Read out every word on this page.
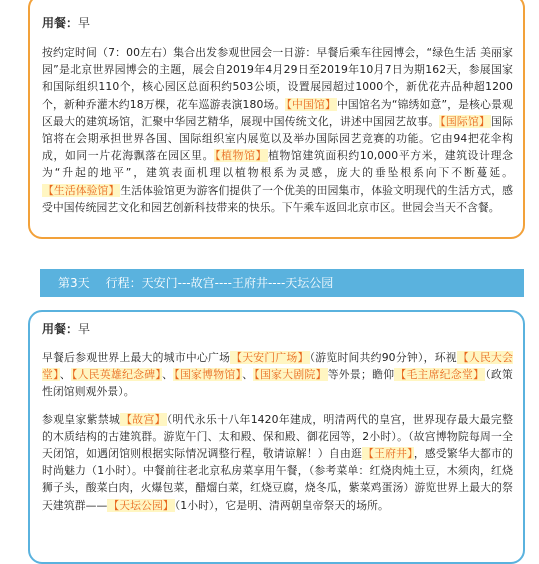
用餐：早

按约定时间（7：00左右）集合出发参观世园会一日游：早餐后乘车往园博会，“绿色生活 美丽家园”是北京世界园博会的主题，展会自2019年4月29日至2019年10月7日为期162天，参展国家和国际组织110个，核心园区总面积约503公顷，设置展园超过1000个，新优花卉品种超1200个，新种乔灌木约18万棵，花车巡游表演180场。【中国馆】中国馆名为“锦绣如意”，是核心景观区最大的建筑场馆，汇聚中华园艺精华，展现中国传统文化，讲述中国园艺故事。【国际馆】国际馆将在会期承担世界各国、国际组织室内展览以及举办国际园艺竞赛的功能。它由94把花伞构成，如同一片花海飘落在园区里。【植物馆】植物馆建筑面积约10,000平方米，建筑设计理念为“升起的地平”，建筑表面机理以植物根系为灵感，庞大的垂坠根系向下不断蔓延。【生活体验馆】生活体验馆更为游客们提供了一个优美的田园集市，体验文明现代的生活方式，感受中国传统园艺文化和园艺创新科技带来的快乐。下午乘车返回北京市区。世园会当天不含餐。

第3天 行程：天安门---故宫----王府井----天坛公园
用餐：早

早餐后参观世界上最大的城市中心广场【天安门广场】（游览时间共约90分钟），环视【人民大会堂】、【人民英雄纪念碑】、【国家博物馆】、【国家大剧院】等外景；瞻仰【毛主席纪念堂】（政策性闭馆则观外景）。

参观皇家紫禁城【故宫】（明代永乐十八年1420年建成，明清两代的皇宫，世界现存最大最完整的木质结构的古建筑群。游览午门、太和殿、保和殿、御花园等，2小时）。（故宫博物院每周一全天闭馆，如遇闭馆则根据实际情况调整行程，敬请谅解！）自由逛【王府井】，感受繁华大都市的时尚魅力（1小时）。中餐前往老北京私房菜享用午餐，（参考菜单：红烧肉炖土豆，木须肉，红烧狮子头，酸菜白肉，火爆包菜，醋熘白菜，红烧豆腐，烧冬瓜，紫菜鸡蛋汤）游览世界上最大的祭天建筑群——【天坛公园】（1小时），它是明、清两朝皇帝祭天的场所。
